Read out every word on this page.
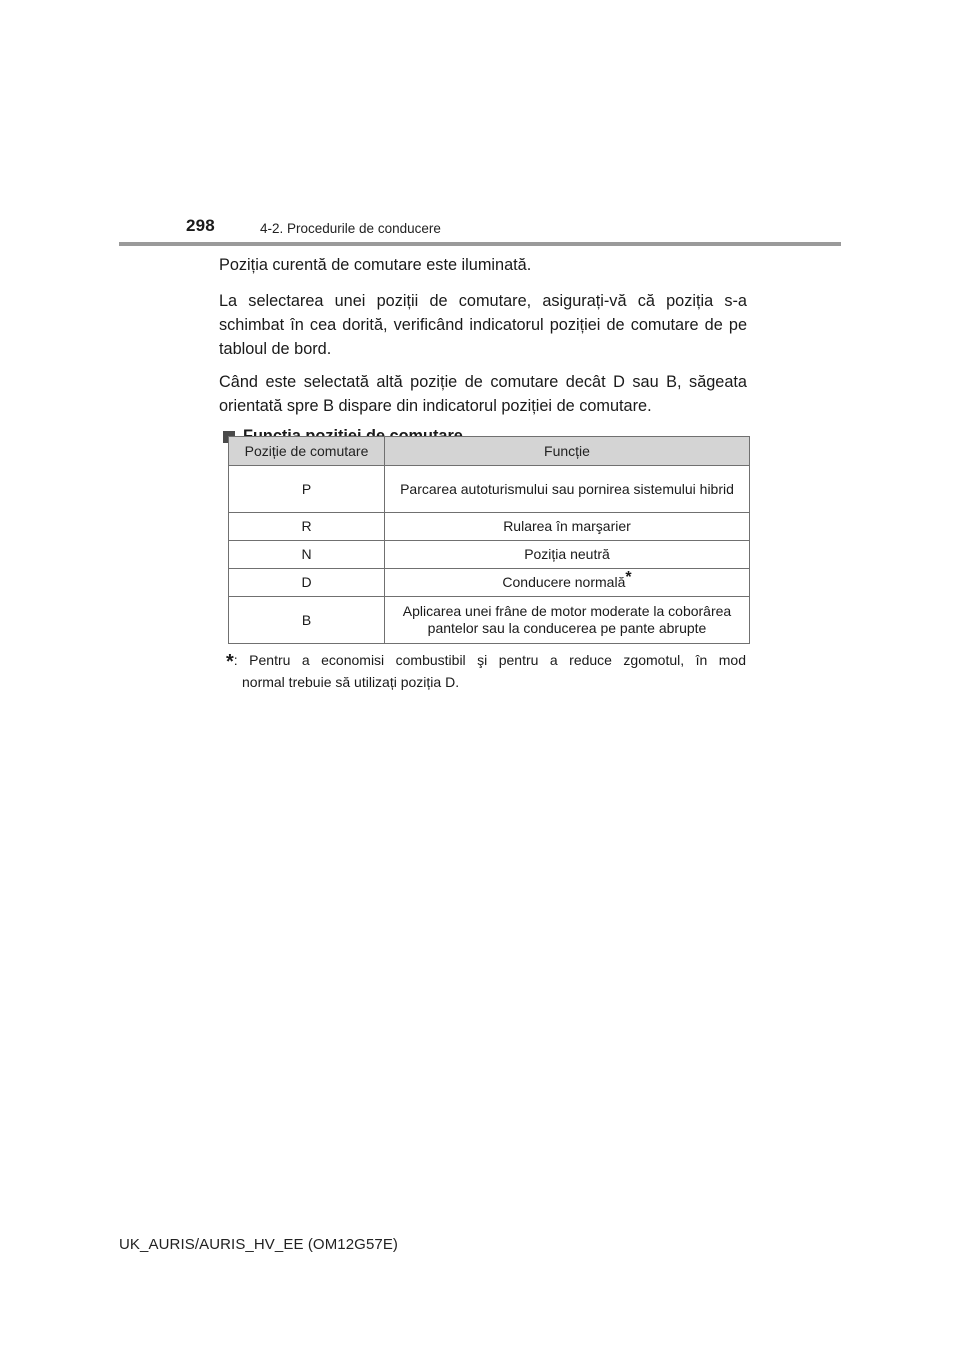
298	4-2. Procedurile de conducere

Poziția curentă de comutare este iluminată.

La selectarea unei poziții de comutare, asigurați-vă că poziția s-a schimbat în cea dorită, verificând indicatorul poziției de comutare de pe tabloul de bord.

Când este selectată altă poziție de comutare decât D sau B, săgeata orientată spre B dispare din indicatorul poziției de comutare.

Poziție de comutare	Funcție
P	Parcarea autoturismului sau pornirea sistemului hibrid
R	Rularea în marşarier
N	Poziția neutră
D	Conducere normală*
B	Aplicarea unei frâne de motor moderate la coborârea pantelor sau la conducerea pe pante abrupte
*: Pentru a economisi combustibil şi pentru a reduce zgomotul, în mod
normal trebuie să utilizați poziția D.
UK_AURIS/AURIS_HV_EE (OM12G57E)
